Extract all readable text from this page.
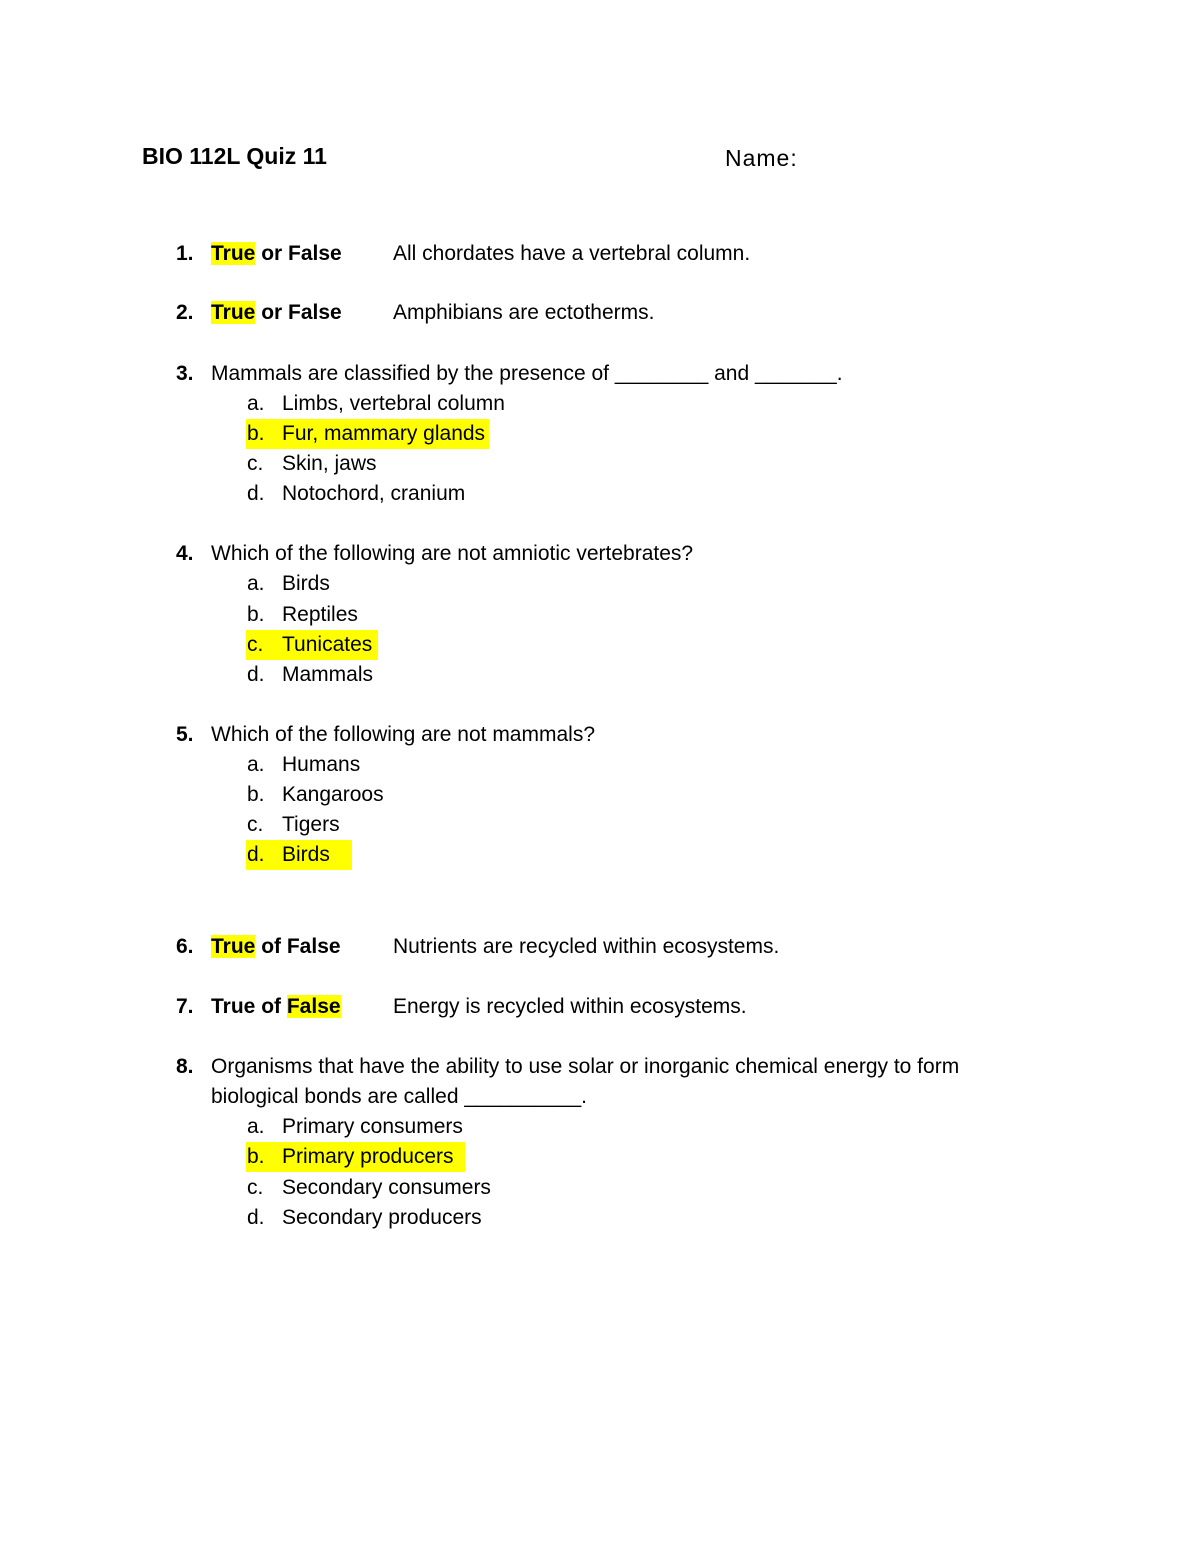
BIO 112L Quiz 11	Name:
1. True or False All chordates have a vertebral column.
2. True or False Amphibians are ectotherms.
3. Mammals are classified by the presence of ________ and _______.
a. Limbs, vertebral column
b. Fur, mammary glands
c. Skin, jaws
d. Notochord, cranium
4. Which of the following are not amniotic vertebrates?
a. Birds
b. Reptiles
c. Tunicates
d. Mammals
5. Which of the following are not mammals?
a. Humans
b. Kangaroos
c. Tigers
d. Birds
6. True of False Nutrients are recycled within ecosystems.
7. True of False Energy is recycled within ecosystems.
8. Organisms that have the ability to use solar or inorganic chemical energy to form
biological bonds are called __________.
a. Primary consumers
b. Primary producers
c. Secondary consumers
d. Secondary producers
